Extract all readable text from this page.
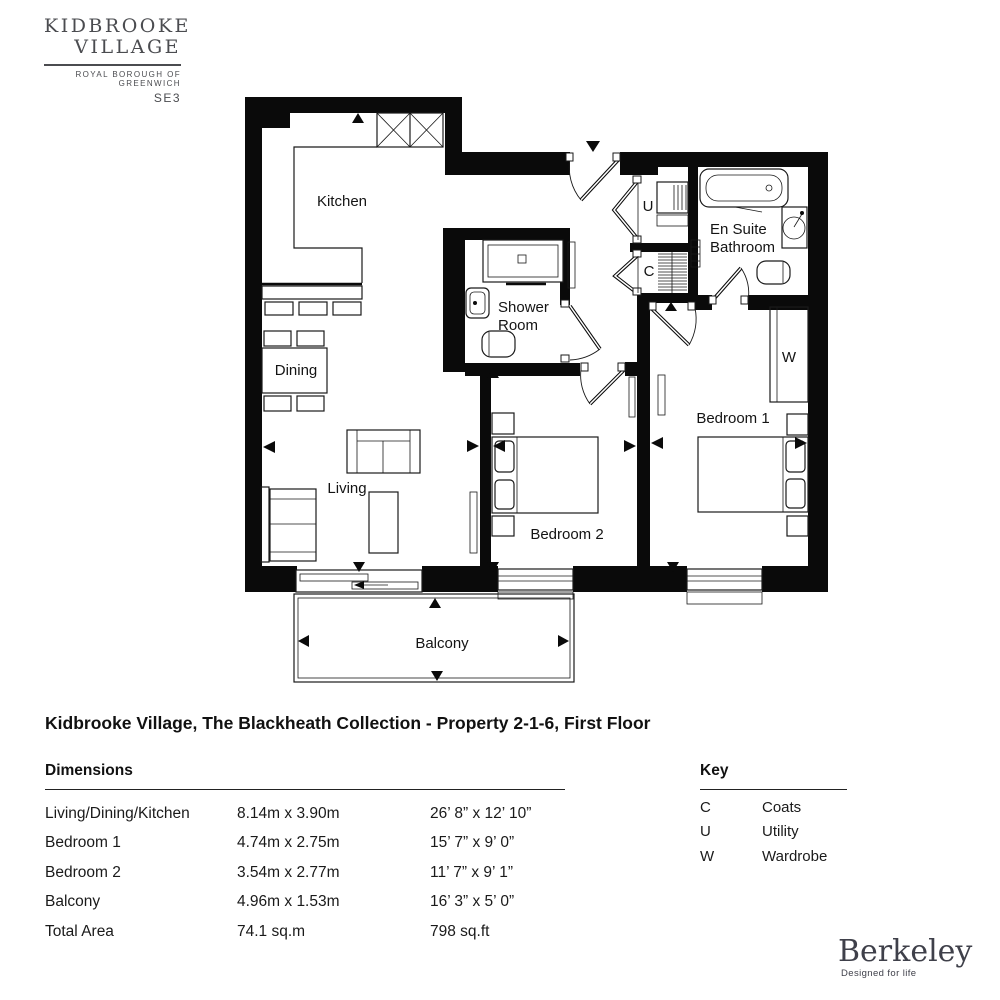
KIDBROOKE
VILLAGE
ROYAL BOROUGH OF GREENWICH
SE3
Kitchen
Dining
Living
Shower
Room
En Suite
Bathroom
Bedroom 1
Bedroom 2
Balcony
U
C
W
Kidbrooke Village, The Blackheath Collection - Property 2-1-6, First Floor
Dimensions
Living/Dining/Kitchen	8.14m x 3.90m	26’ 8” x 12’ 10”
Bedroom 1	4.74m x 2.75m	15’ 7” x 9’ 0”
Bedroom 2	3.54m x 2.77m	11’ 7” x 9’ 1”
Balcony	4.96m x 1.53m	16’ 3” x 5’ 0”
Total Area	74.1 sq.m	798 sq.ft
Key
C	Coats
U	Utility
W	Wardrobe
Berkeley
Designed for life
